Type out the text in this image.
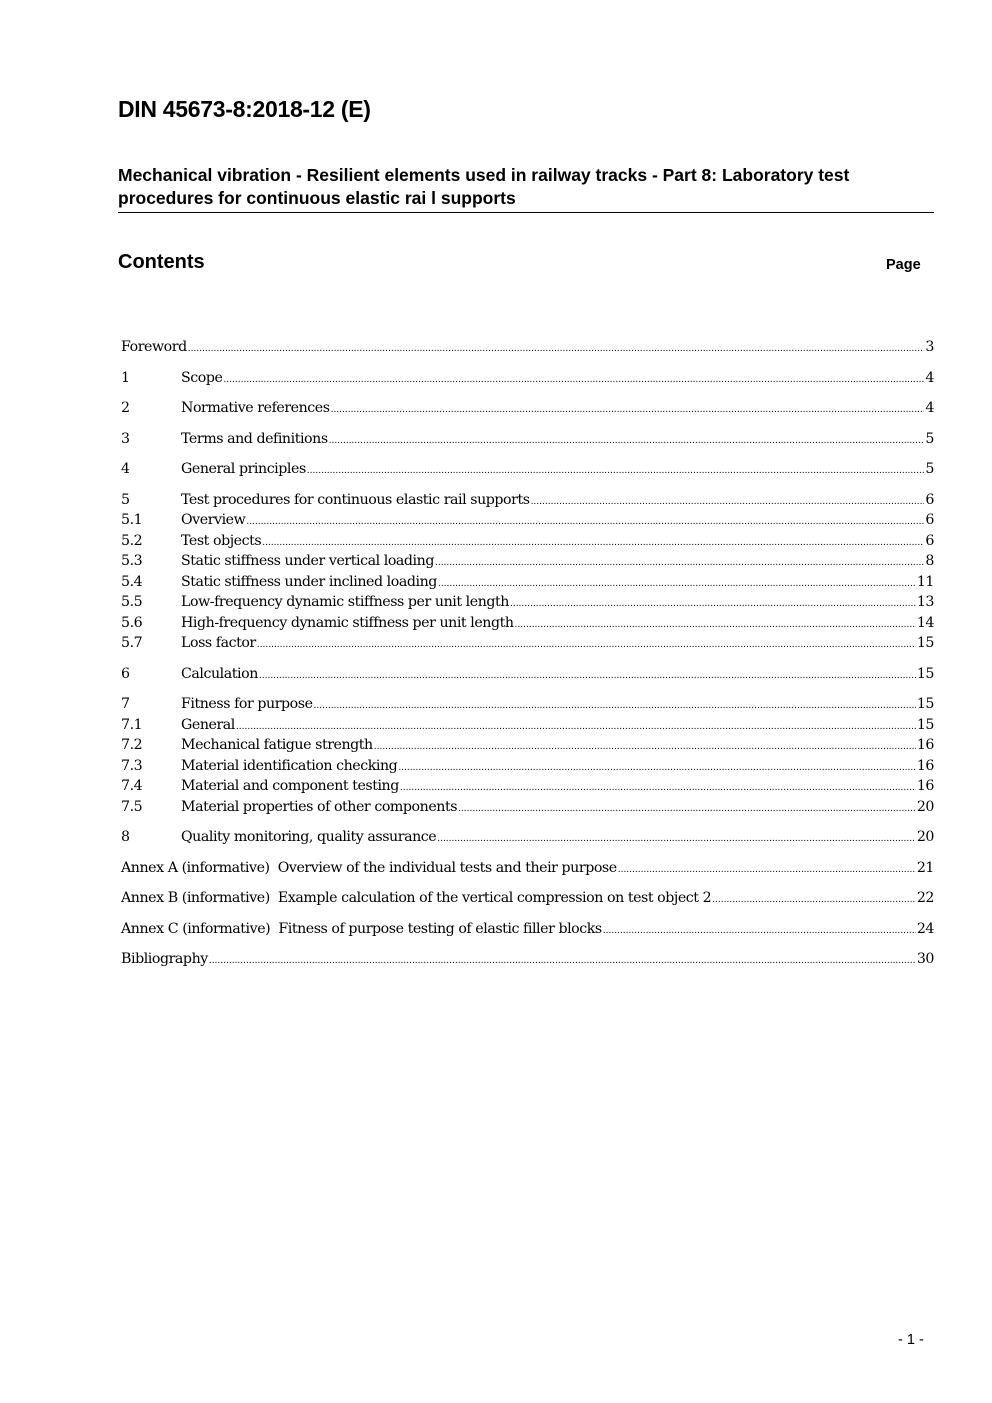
DIN 45673-8:2018-12 (E)
Mechanical vibration - Resilient elements used in railway tracks - Part 8: Laboratory test procedures for continuous elastic rai l supports
Contents	Page
Foreword .....	3
1	Scope .....	4
2	Normative references .....	4
3	Terms and definitions .....	5
4	General principles .....	5
5	Test procedures for continuous elastic rail supports .....	6
5.1	Overview .....	6
5.2	Test objects .....	6
5.3	Static stiffness under vertical loading .....	8
5.4	Static stiffness under inclined loading .....	11
5.5	Low-frequency dynamic stiffness per unit length .....	13
5.6	High-frequency dynamic stiffness per unit length .....	14
5.7	Loss factor .....	15
6	Calculation .....	15
7	Fitness for purpose .....	15
7.1	General .....	15
7.2	Mechanical fatigue strength .....	16
7.3	Material identification checking .....	16
7.4	Material and component testing .....	16
7.5	Material properties of other components .....	20
8	Quality monitoring, quality assurance .....	20
Annex A (informative)  Overview of the individual tests and their purpose .....	21
Annex B (informative)  Example calculation of the vertical compression on test object 2 .....	22
Annex C (informative)  Fitness of purpose testing of elastic filler blocks .....	24
Bibliography .....	30
- 1 -
